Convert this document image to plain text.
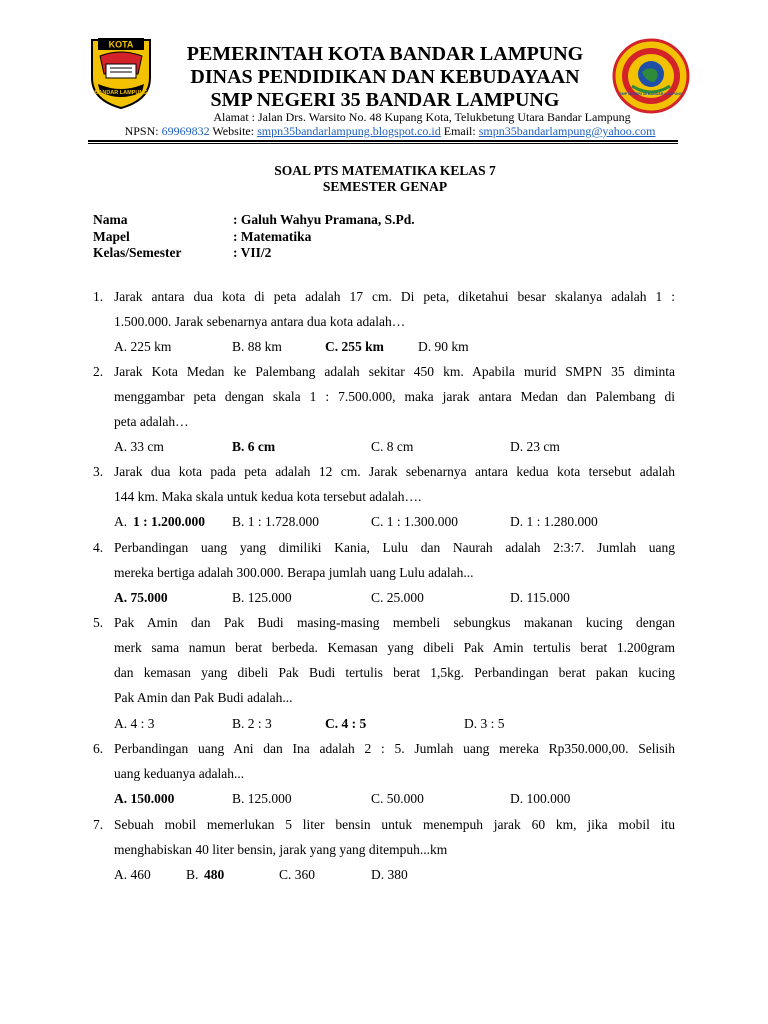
KOTA
BANDAR LAMPUNG	SMP NEGERI 35 BANDAR LAMPUNG
PEMERINTAH KOTA BANDAR LAMPUNG
DINAS PENDIDIKAN DAN KEBUDAYAAN
SMP NEGERI 35 BANDAR LAMPUNG
Alamat : Jalan Drs. Warsito No. 48 Kupang Kota, Telukbetung Utara Bandar Lampung
NPSN: 69969832 Website: smpn35bandarlampung.blogspot.co.id Email: smpn35bandarlampung@yahoo.com
SOAL PTS MATEMATIKA KELAS 7
SEMESTER GENAP
Nama	: Galuh Wahyu Pramana, S.Pd.
Mapel	: Matematika
Kelas/Semester	: VII/2
1. Jarak antara dua kota di peta adalah 17 cm. Di peta, diketahui besar skalanya adalah 1 :
1.500.000. Jarak sebenarnya antara dua kota adalah…
A. 225 km	B. 88 km	C. 255 km	D. 90 km
2. Jarak Kota Medan ke Palembang adalah sekitar 450 km. Apabila murid SMPN 35 diminta
menggambar peta dengan skala 1 : 7.500.000, maka jarak antara Medan dan Palembang di
peta adalah…
A. 33 cm	B. 6 cm	C. 8 cm	D. 23 cm
3. Jarak dua kota pada peta adalah 12 cm. Jarak sebenarnya antara kedua kota tersebut adalah
144 km. Maka skala untuk kedua kota tersebut adalah….
A. 1 : 1.200.000 B. 1 : 1.728.000	C. 1 : 1.300.000	D. 1 : 1.280.000
4. Perbandingan uang yang dimiliki Kania, Lulu dan Naurah adalah 2:3:7. Jumlah uang
mereka bertiga adalah 300.000. Berapa jumlah uang Lulu adalah...
A. 75.000	B. 125.000	C. 25.000	D. 115.000
5. Pak Amin dan Pak Budi masing-masing membeli sebungkus makanan kucing dengan
merk sama namun berat berbeda. Kemasan yang dibeli Pak Amin tertulis berat 1.200gram
dan kemasan yang dibeli Pak Budi tertulis berat 1,5kg. Perbandingan berat pakan kucing
Pak Amin dan Pak Budi adalah...
A. 4 : 3	B. 2 : 3	C. 4 : 5	D. 3 : 5
6. Perbandingan uang Ani dan Ina adalah 2 : 5. Jumlah uang mereka Rp350.000,00. Selisih
uang keduanya adalah...
A. 150.000	B. 125.000	C. 50.000	D. 100.000
7. Sebuah mobil memerlukan 5 liter bensin untuk menempuh jarak 60 km, jika mobil itu
menghabiskan 40 liter bensin, jarak yang yang ditempuh...km
A. 460	B. 480	C. 360	D. 380
